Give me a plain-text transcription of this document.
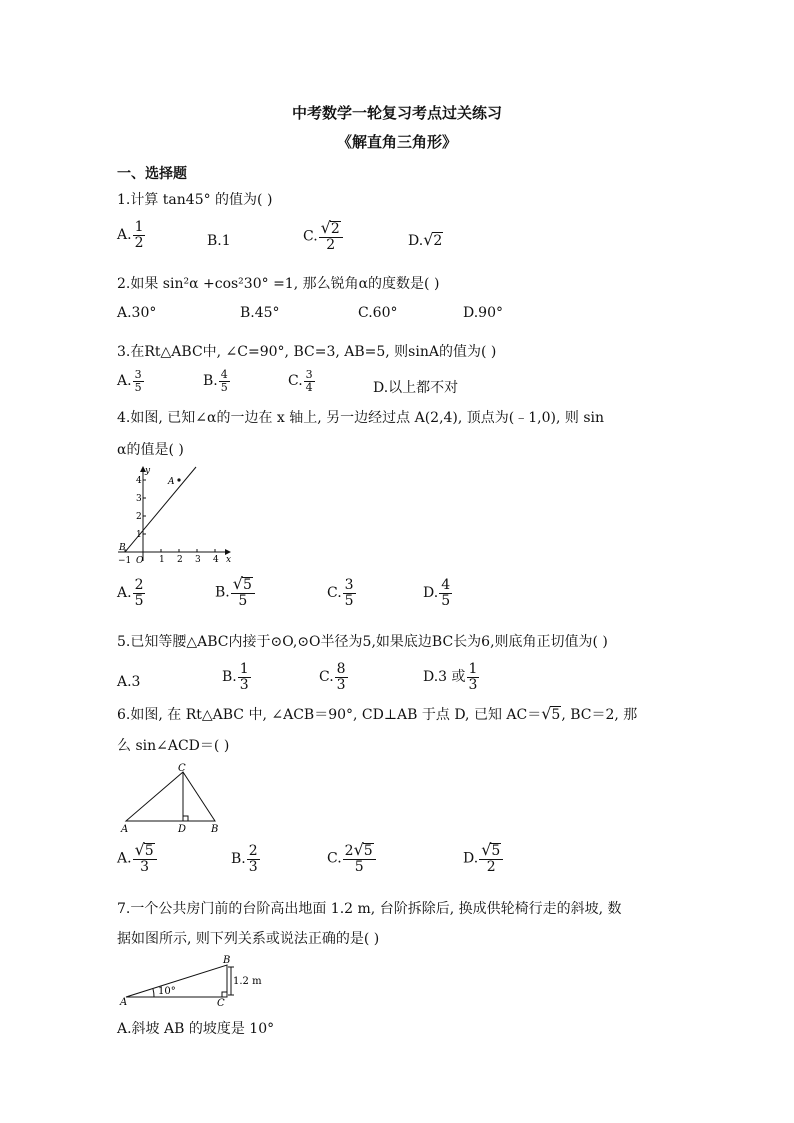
中考数学一轮复习考点过关练习
《解直角三角形》
一、选择题
1.计算 tan45° 的值为( )
A. $\frac{1}{2}$	B.1	C. $\frac{√2}{2}$	D.√2
2.如果 sin²α +cos²30° =1, 那么锐角α的度数是( )
A.30°	B.45°	C.60°	D.90°
3.在Rt△ABC中, ∠C=90°, BC=3, AB=5, 则sinA的值为( )
A. $\frac{3}{5}$	B. $\frac{4}{5}$	C. $\frac{3}{4}$	D.以上都不对
4.如图, 已知∠α的一边在 x 轴上, 另一边经过点 A(2,4), 顶点为(﹣1,0), 则 sin
α的值是( )
A
B
O
y
x
−1	1 2 3 4
1
2
3
4
A. $\frac{2}{5}$	B. $\frac{√5}{5}$	C. $\frac{3}{5}$	D. $\frac{4}{5}$
5.已知等腰△ABC内接于⊙O,⊙O半径为5,如果底边BC长为6,则底角正切值为( )
A.3	B. $\frac{1}{3}$	C. $\frac{8}{3}$	D.3 或 $\frac{1}{3}$
6.如图, 在 Rt△ABC 中, ∠ACB＝90°, CD⊥AB 于点 D, 已知 AC＝√5, BC＝2, 那
么 sin∠ACD＝( )
C
A	D B
A. $\frac{√5}{3}$	B. $\frac{2}{3}$	C. $\frac{2√5}{5}$	D. $\frac{√5}{2}$
7.一个公共房门前的台阶高出地面 1.2 m, 台阶拆除后, 换成供轮椅行走的斜坡, 数
据如图所示, 则下列关系或说法正确的是( )
B
A	C
10°
1.2 m
A.斜坡 AB 的坡度是 10°
